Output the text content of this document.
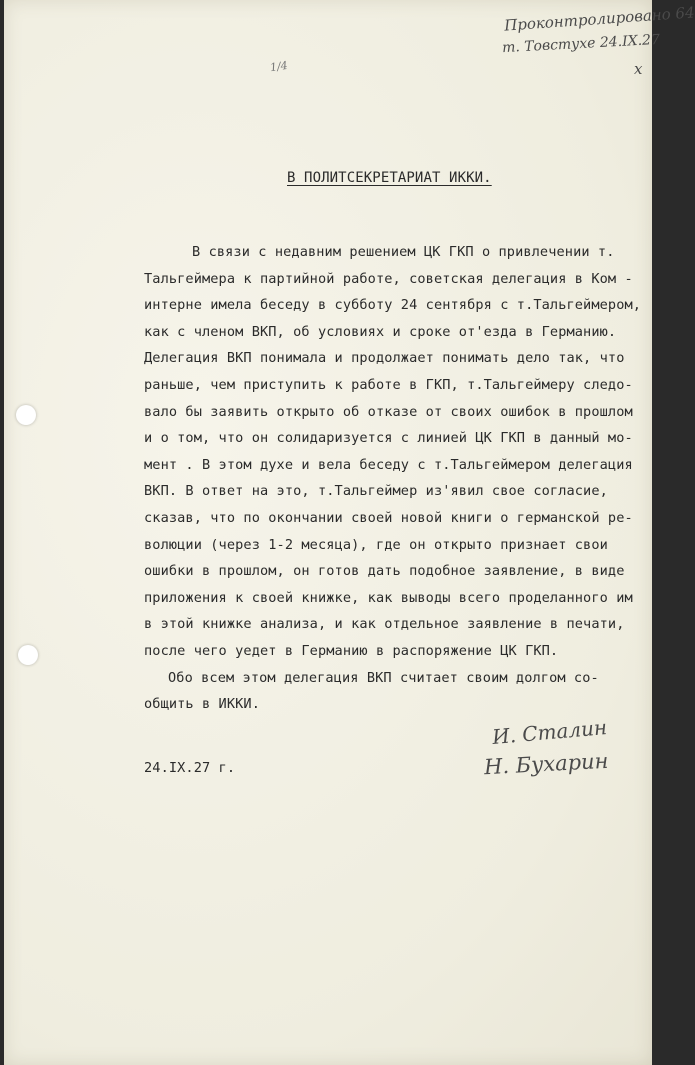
Проконтролировано 64
т. Товстухе 24.IX.27
х
1/4
В ПОЛИТСЕКРЕТАРИАТ ИККИ.
В связи с недавним решением ЦК ГКП о привлечении т.
Тальгеймера к партийной работе, советская делегация в Ком -
интерне имела беседу в субботу 24 сентября с т.Тальгеймером,
как с членом ВКП, об условиях и сроке от'езда в Германию.
Делегация ВКП понимала и продолжает понимать дело так, что
раньше, чем приступить к работе в ГКП, т.Тальгеймеру следо-
вало бы заявить открыто об отказе от своих ошибок в прошлом
и о том, что он солидаризуется с линией ЦК ГКП в данный мо-
мент . В этом духе и вела беседу с т.Тальгеймером делегация
ВКП. В ответ на это, т.Тальгеймер из'явил свое согласие,
сказав, что по окончании своей новой книги о германской ре-
волюции (через 1-2 месяца), где он открыто признает свои
ошибки в прошлом, он готов дать подобное заявление, в виде
приложения к своей книжке, как выводы всего проделанного им
в этой книжке анализа, и как отдельное заявление в печати,
после чего уедет в Германию в распоряжение ЦК ГКП.
Обо всем этом делегация ВКП считает своим долгом со-
общить в ИККИ.
И. Сталин
Н. Бухарин
24.IX.27 г.
